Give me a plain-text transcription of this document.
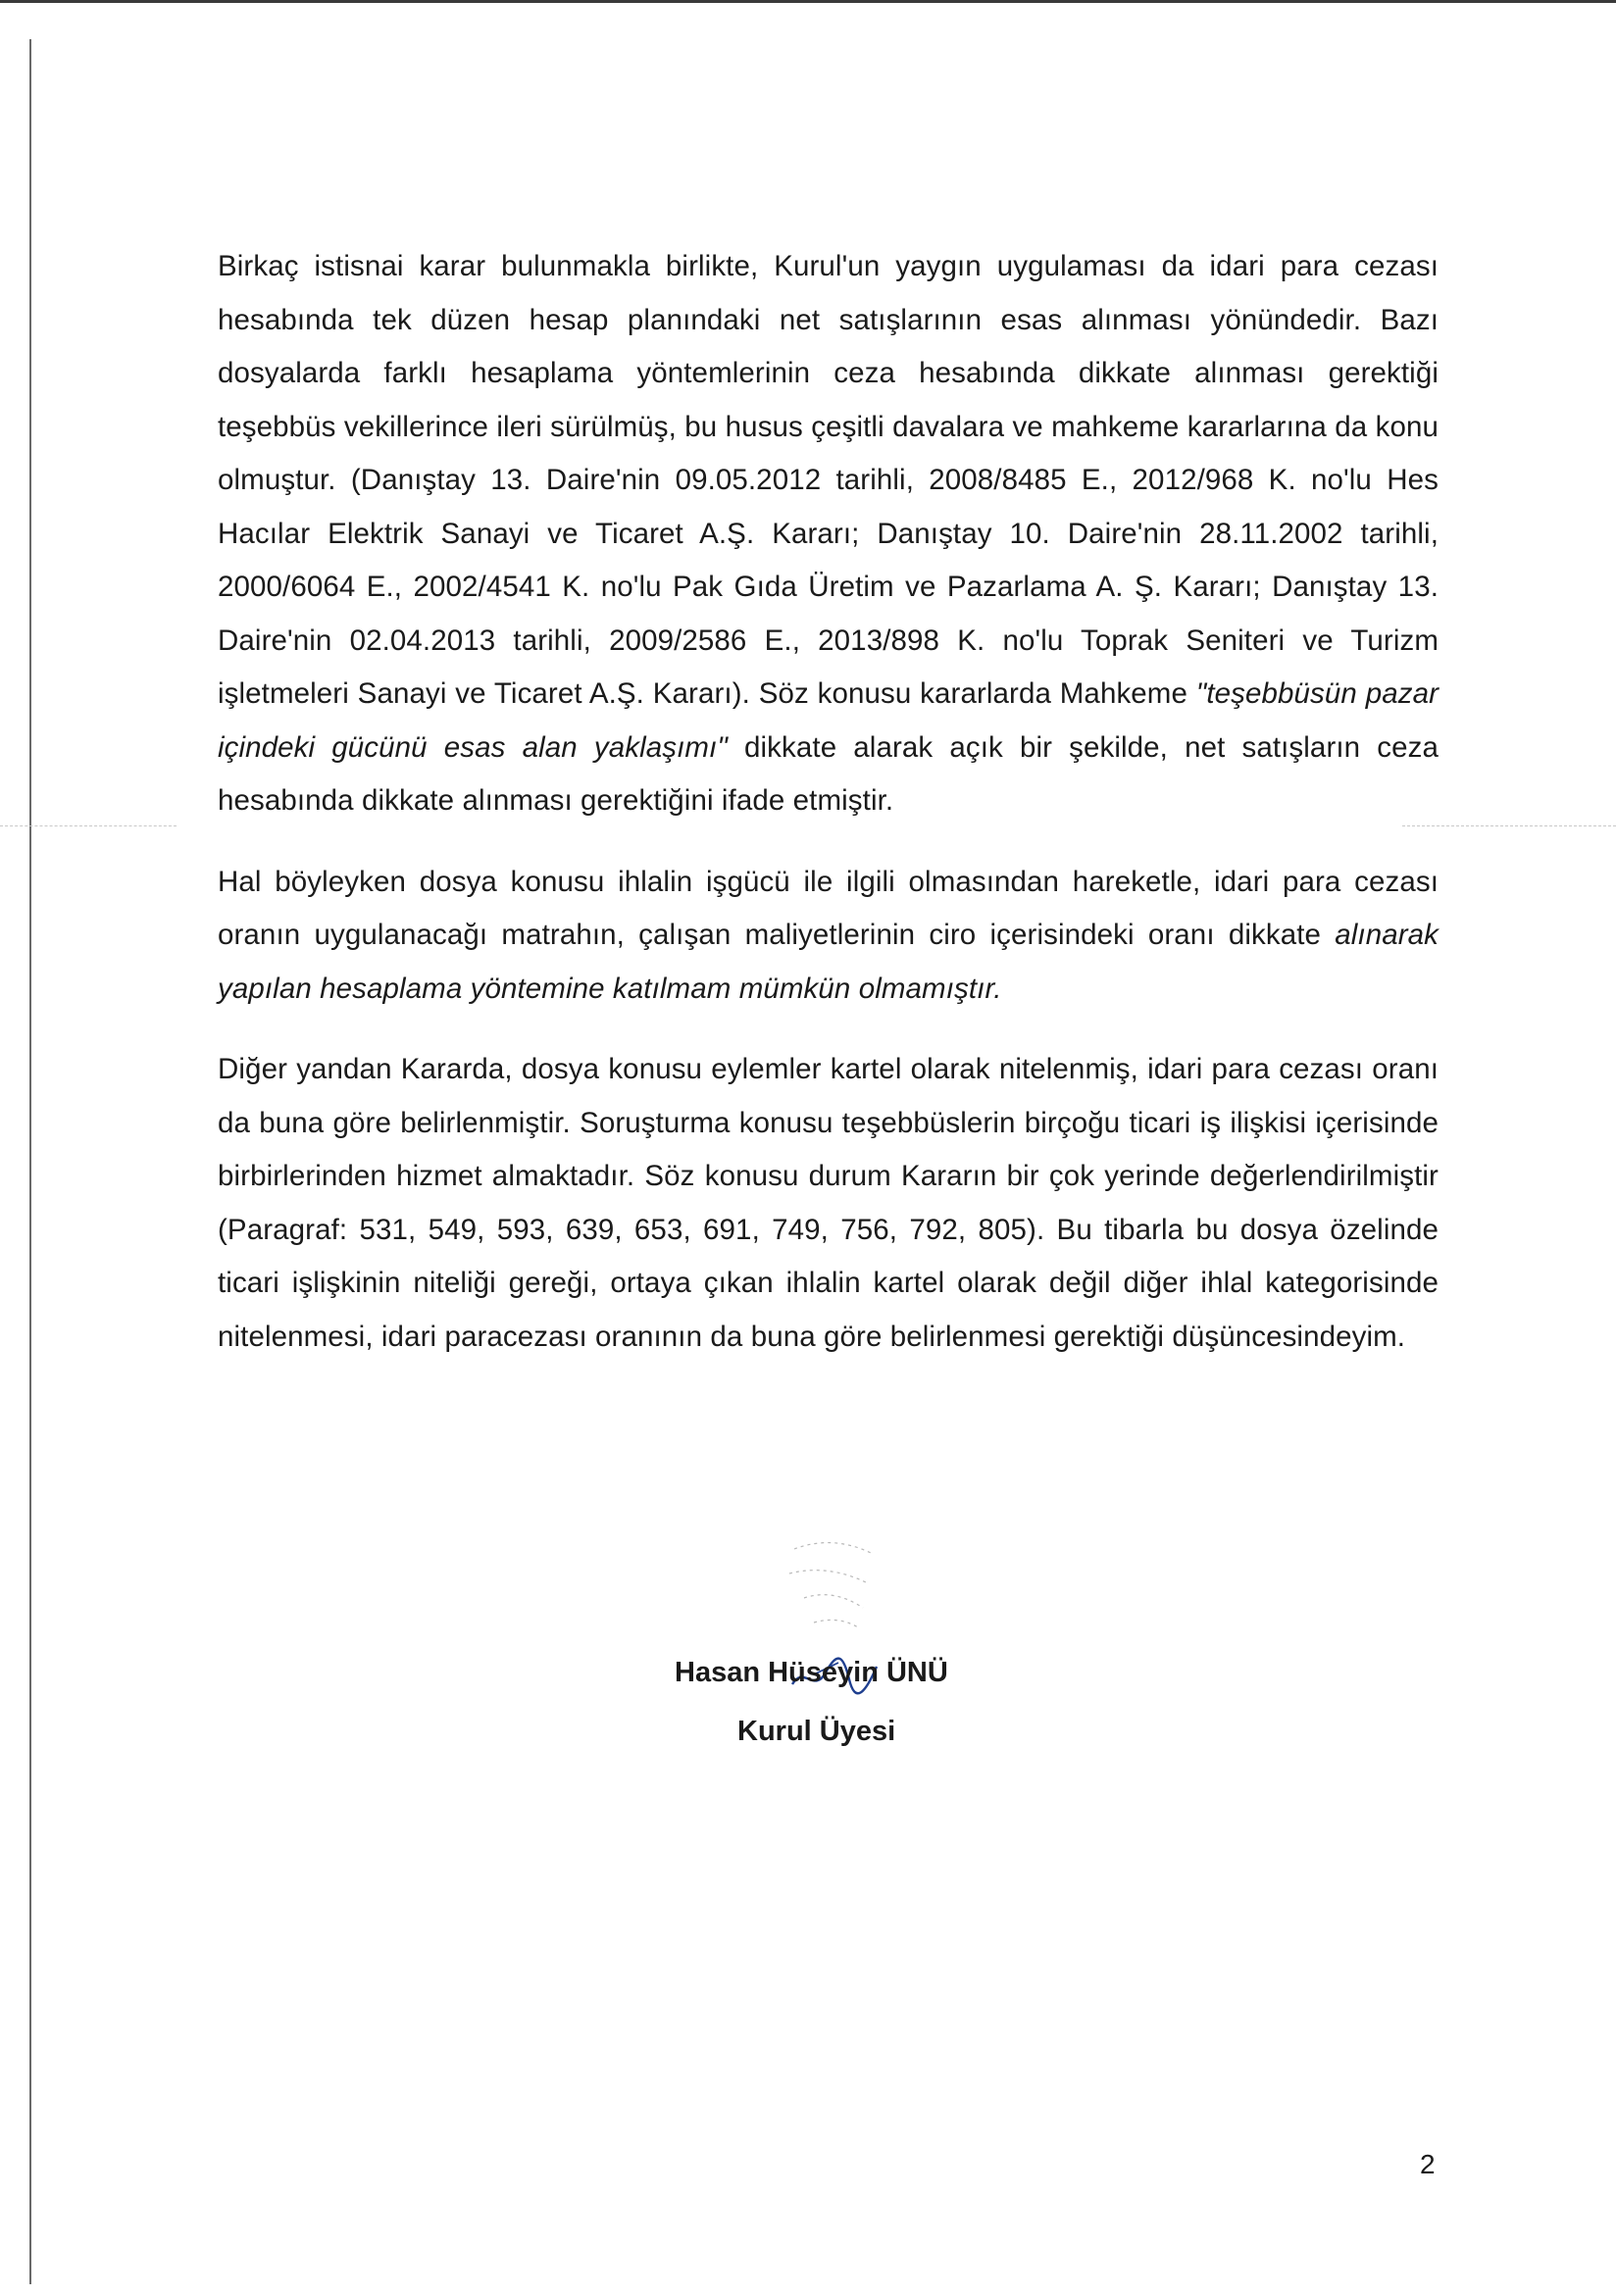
Birkaç istisnai karar bulunmakla birlikte, Kurul'un yaygın uygulaması da idari para cezası hesabında tek düzen hesap planındaki net satışlarının esas alınması yönündedir. Bazı dosyalarda farklı hesaplama yöntemlerinin ceza hesabında dikkate alınması gerektiği teşebbüs vekillerince ileri sürülmüş, bu husus çeşitli davalara ve mahkeme kararlarına da konu olmuştur. (Danıştay 13. Daire'nin 09.05.2012 tarihli, 2008/8485 E., 2012/968 K. no'lu Hes Hacılar Elektrik Sanayi ve Ticaret A.Ş. Kararı; Danıştay 10. Daire'nin 28.11.2002 tarihli, 2000/6064 E., 2002/4541 K. no'lu Pak Gıda Üretim ve Pazarlama A. Ş. Kararı; Danıştay 13. Daire'nin 02.04.2013 tarihli, 2009/2586 E., 2013/898 K. no'lu Toprak Seniteri ve Turizm işletmeleri Sanayi ve Ticaret A.Ş. Kararı). Söz konusu kararlarda Mahkeme "teşebbüsün pazar içindeki gücünü esas alan yaklaşımı" dikkate alarak açık bir şekilde, net satışların ceza hesabında dikkate alınması gerektiğini ifade etmiştir.

Hal böyleyken dosya konusu ihlalin işgücü ile ilgili olmasından hareketle, idari para cezası oranın uygulanacağı matrahın, çalışan maliyetlerinin ciro içerisindeki oranı dikkate alınarak yapılan hesaplama yöntemine katılmam mümkün olmamıştır.

Diğer yandan Kararda, dosya konusu eylemler kartel olarak nitelenmiş, idari para cezası oranı da buna göre belirlenmiştir. Soruşturma konusu teşebbüslerin birçoğu ticari iş ilişkisi içerisinde birbirlerinden hizmet almaktadır. Söz konusu durum Kararın bir çok yerinde değerlendirilmiştir (Paragraf: 531, 549, 593, 639, 653, 691, 749, 756, 792, 805). Bu tibarla bu dosya özelinde ticari işlişkinin niteliği gereği, ortaya çıkan ihlalin kartel olarak değil diğer ihlal kategorisinde nitelenmesi, idari paracezası oranının da buna göre belirlenmesi gerektiği düşüncesindeyim.

Hasan Hüseyin ÜNÜ
Kurul Üyesi
2
